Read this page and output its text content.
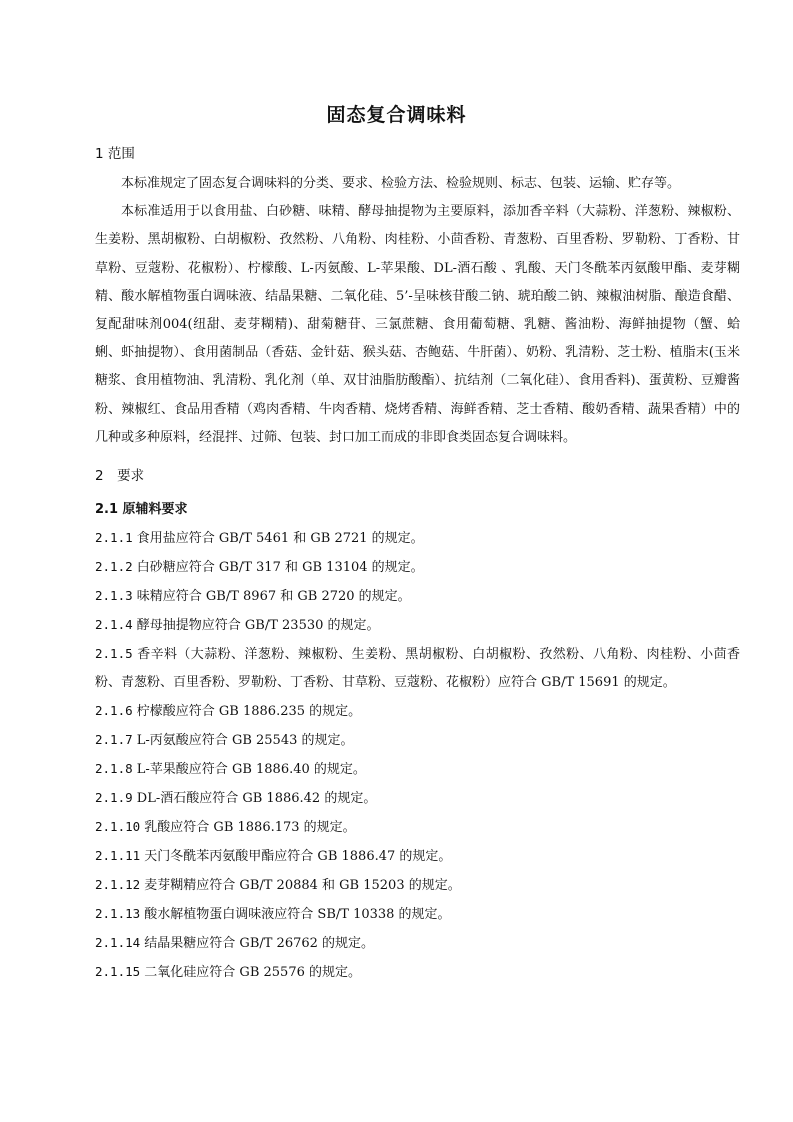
固态复合调味料
1 范围

本标准规定了固态复合调味料的分类、要求、检验方法、检验规则、标志、包装、运输、贮存等。

本标准适用于以食用盐、白砂糖、味精、酵母抽提物为主要原料，添加香辛料（大蒜粉、洋葱粉、辣椒粉、生姜粉、黑胡椒粉、白胡椒粉、孜然粉、八角粉、肉桂粉、小茴香粉、青葱粉、百里香粉、罗勒粉、丁香粉、甘草粉、豆蔻粉、花椒粉）、柠檬酸、L-丙氨酸、L-苹果酸、DL-酒石酸 、乳酸、天门冬酰苯丙氨酸甲酯、麦芽糊精、酸水解植物蛋白调味液、结晶果糖、二氧化硅、5’-呈味核苷酸二钠、琥珀酸二钠、辣椒油树脂、酿造食醋、复配甜味剂004(纽甜、麦芽糊精)、甜菊糖苷、三氯蔗糖、食用葡萄糖、乳糖、酱油粉、海鲜抽提物（蟹、蛤蜊、虾抽提物）、食用菌制品（香菇、金针菇、猴头菇、杏鲍菇、牛肝菌）、奶粉、乳清粉、芝士粉、植脂末(玉米糖浆、食用植物油、乳清粉、乳化剂（单、双甘油脂肪酸酯）、抗结剂（二氧化硅）、食用香料)、蛋黄粉、豆瓣酱粉、辣椒红、食品用香精（鸡肉香精、牛肉香精、烧烤香精、海鲜香精、芝士香精、酸奶香精、蔬果香精）中的几种或多种原料，经混拌、过筛、包装、封口加工而成的非即食类固态复合调味料。

2　要求
2.1 原辅料要求

2.1.1 食用盐应符合 GB/T 5461 和 GB 2721 的规定。

2.1.2 白砂糖应符合 GB/T 317 和 GB 13104 的规定。

2.1.3 味精应符合 GB/T 8967 和 GB 2720 的规定。

2.1.4 酵母抽提物应符合 GB/T 23530 的规定。

2.1.5 香辛料（大蒜粉、洋葱粉、辣椒粉、生姜粉、黑胡椒粉、白胡椒粉、孜然粉、八角粉、肉桂粉、小茴香粉、青葱粉、百里香粉、罗勒粉、丁香粉、甘草粉、豆蔻粉、花椒粉）应符合 GB/T 15691 的规定。

2.1.6 柠檬酸应符合 GB 1886.235 的规定。

2.1.7 L-丙氨酸应符合 GB 25543 的规定。

2.1.8 L-苹果酸应符合 GB 1886.40 的规定。

2.1.9 DL-酒石酸应符合 GB 1886.42 的规定。

2.1.10 乳酸应符合 GB 1886.173 的规定。

2.1.11 天门冬酰苯丙氨酸甲酯应符合 GB 1886.47 的规定。

2.1.12 麦芽糊精应符合 GB/T 20884 和 GB 15203 的规定。

2.1.13 酸水解植物蛋白调味液应符合 SB/T 10338 的规定。

2.1.14 结晶果糖应符合 GB/T 26762 的规定。

2.1.15 二氧化硅应符合 GB 25576 的规定。
